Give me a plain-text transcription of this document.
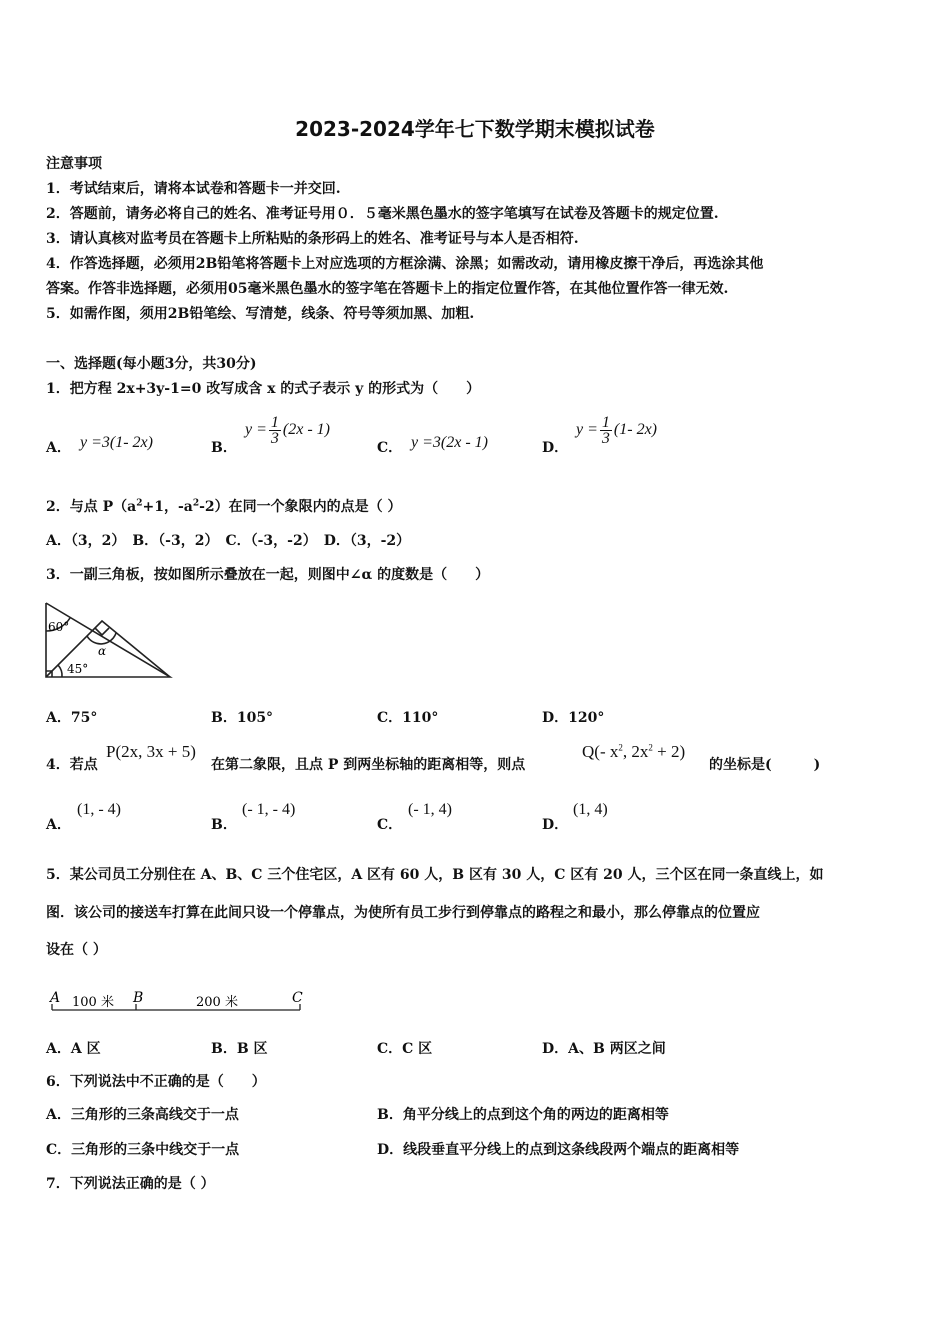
2023-2024学年七下数学期末模拟试卷
注意事项
1．考试结束后，请将本试卷和答题卡一并交回.
2．答题前，请务必将自己的姓名、准考证号用０．５毫米黑色墨水的签字笔填写在试卷及答题卡的规定位置.
3．请认真核对监考员在答题卡上所粘贴的条形码上的姓名、准考证号与本人是否相符.
4．作答选择题，必须用2B铅笔将答题卡上对应选项的方框涂满、涂黑；如需改动，请用橡皮擦干净后，再选涂其他
答案。作答非选择题，必须用05毫米黑色墨水的签字笔在答题卡上的指定位置作答，在其他位置作答一律无效.
5．如需作图，须用2B铅笔绘、写清楚，线条、符号等须加黑、加粗.
一、选择题(每小题3分，共30分)
1．把方程 2x+3y-1=0 改写成含 x 的式子表示 y 的形式为（　　）
A． y =3(1- 2x)	B．
$y = \frac{1}{3} (2x - 1)$
C． y =3(2x - 1)	D．
$y = \frac{1}{3} (1-$ 2x)
2．与点 $P(a^2+1$，$-a^2-2$）在同一个象限内的点是（ ）
A．（3，2）　B．（-3，2）　C．（-3，-2）　D．（3，-2）
3．一副三角板，按如图所示叠放在一起，则图中∠α 的度数是（　　）
60°
α
45°
A．75°	B．105°	C．110°	D．120°
4．若点
P(2x, 3x + 5)
在第二象限，且点 P 到两坐标轴的距离相等，则点
Q(- $x^2$, $2x^2 + 2$)
的坐标是(　　　)
A．
(1, - 4)
B．
(- 1, - 4)
C．
(- 1, 4)
D．
(1, 4)
5．某公司员工分别住在 A、B、C 三个住宅区，A 区有 60 人，B 区有 30 人，C 区有 20 人，三个区在同一条直线上，如
图．该公司的接送车打算在此间只设一个停靠点，为使所有员工步行到停靠点的路程之和最小，那么停靠点的位置应
设在（ ）
A 100 米 B	200 米	C
A．A 区	B．B 区	C．C 区	D．A、B 两区之间
6．下列说法中不正确的是（　　）
A．三角形的三条高线交于一点	B．角平分线上的点到这个角的两边的距离相等
C．三角形的三条中线交于一点	D．线段垂直平分线上的点到这条线段两个端点的距离相等
7．下列说法正确的是（ ）
